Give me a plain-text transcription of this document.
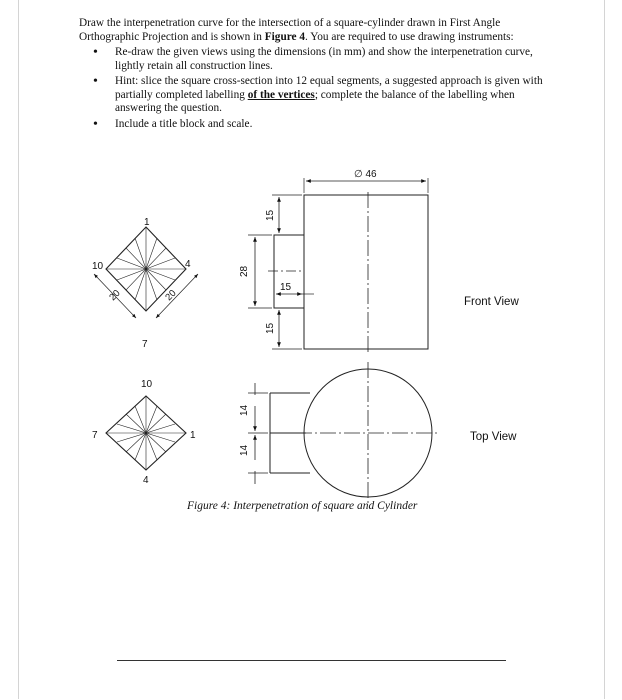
Draw the interpenetration curve for the intersection of a square-cylinder drawn in First Angle Orthographic Projection and is shown in Figure 4. You are required to use drawing instruments:

• Re-draw the given views using the dimensions (in mm) and show the interpenetration curve, lightly retain all construction lines.
• Hint: slice the square cross-section into 12 equal segments, a suggested approach is given with partially completed labelling of the vertices; complete the balance of the labelling when answering the question.
• Include a title block and scale.
∅ 46
15
28
15
15
14
14
Front View
Top View
1
10	4
7
20	20
10
7	1
4
Figure 4: Interpenetration of square and Cylinder
